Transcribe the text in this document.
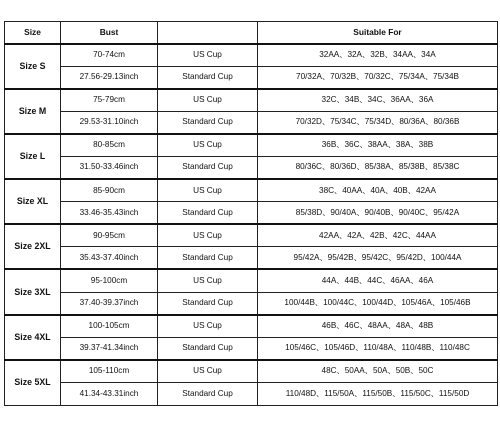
Size	Bust		Suitable For
Size S	70-74cm	US Cup	32AA、32A、32B、34AA、34A
	27.56-29.13inch	Standard Cup	70/32A、70/32B、70/32C、75/34A、75/34B
Size M	75-79cm	US Cup	32C、34B、34C、36AA、36A
	29.53-31.10inch	Standard Cup	70/32D、75/34C、75/34D、80/36A、80/36B
Size L	80-85cm	US Cup	36B、36C、38AA、38A、38B
	31.50-33.46inch	Standard Cup	80/36C、80/36D、85/38A、85/38B、85/38C
Size XL	85-90cm	US Cup	38C、40AA、40A、40B、42AA
	33.46-35.43inch	Standard Cup	85/38D、90/40A、90/40B、90/40C、95/42A
Size 2XL	90-95cm	US Cup	42AA、42A、42B、42C、44AA
	35.43-37.40inch	Standard Cup	95/42A、95/42B、95/42C、95/42D、100/44A
Size 3XL	95-100cm	US Cup	44A、44B、44C、46AA、46A
	37.40-39.37inch	Standard Cup	100/44B、100/44C、100/44D、105/46A、105/46B
Size 4XL	100-105cm	US Cup	46B、46C、48AA、48A、48B
	39.37-41.34inch	Standard Cup	105/46C、105/46D、110/48A、110/48B、110/48C
Size 5XL	105-110cm	US Cup	48C、50AA、50A、50B、50C
	41.34-43.31inch	Standard Cup	110/48D、115/50A、115/50B、115/50C、115/50D
